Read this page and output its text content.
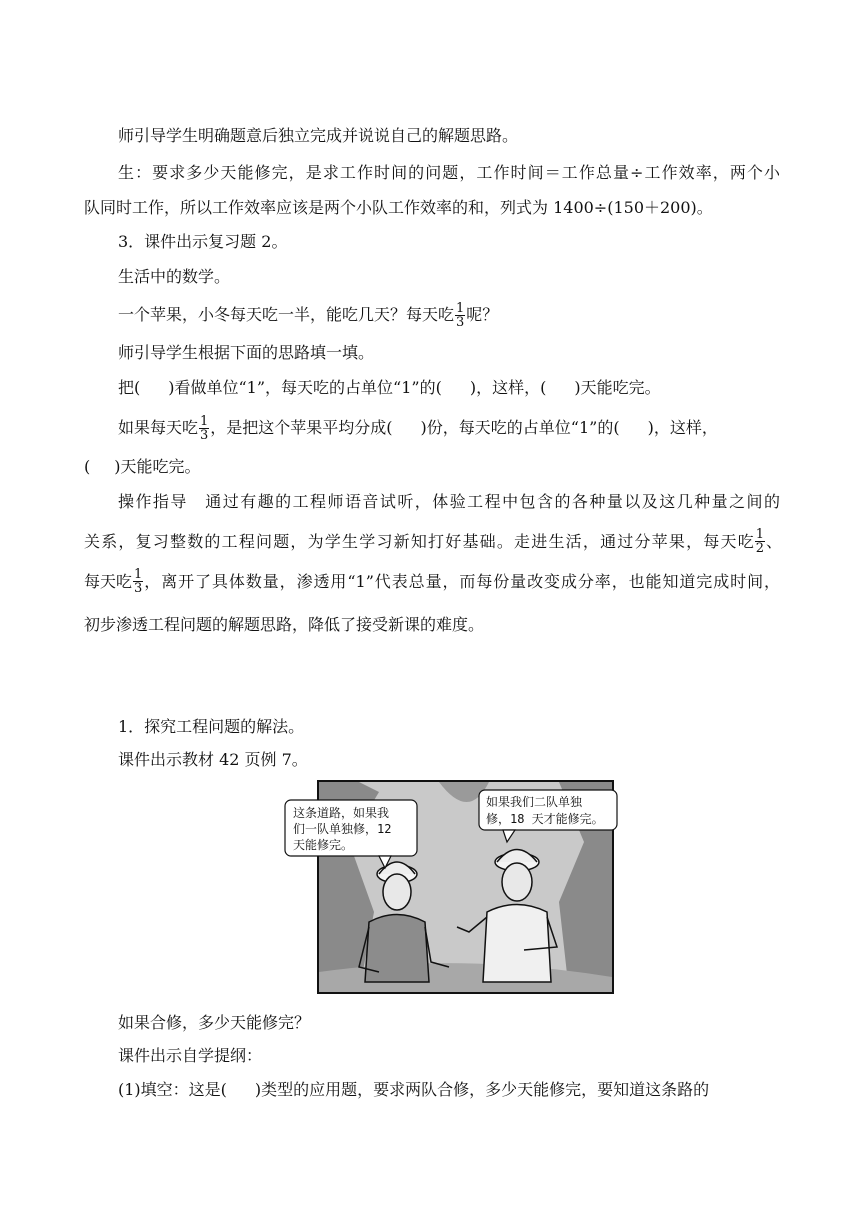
师引导学生明确题意后独立完成并说说自己的解题思路。
生：要求多少天能修完，是求工作时间的问题，工作时间＝工作总量÷工作效率，两个小
队同时工作，所以工作效率应该是两个小队工作效率的和，列式为 1400÷(150＋200)。
3．课件出示复习题 2。
生活中的数学。
一个苹果，小冬每天吃一半，能吃几天？每天吃 $\frac{1}{3}$ 呢？
师引导学生根据下面的思路填一填。
把( )看做单位“1”，每天吃的占单位“1”的( )，这样，( )天能吃完。
如果每天吃 $\frac{1}{3}$ ，是把这个苹果平均分成( )份，每天吃的占单位“1”的( )，这样，
( )天能吃完。
操作指导　通过有趣的工程师语音试听，体验工程中包含的各种量以及这几种量之间的
关系，复习整数的工程问题，为学生学习新知打好基础。走进生活，通过分苹果，每天吃 $\frac{1}{2}$ 、
每天吃 $\frac{1}{3}$ ，离开了具体数量，渗透用“1”代表总量，而每份量改变成分率，也能知道完成时间，
初步渗透工程问题的解题思路，降低了接受新课的难度。

1．探究工程问题的解法。
课件出示教材 42 页例 7。
这条道路，如果我
们一队单独修，12
天能修完。
如果我们二队单独
修，18 天才能修完。
如果合修，多少天能修完？
课件出示自学提纲：
(1)填空：这是( )类型的应用题，要求两队合修，多少天能修完，要知道这条路的
